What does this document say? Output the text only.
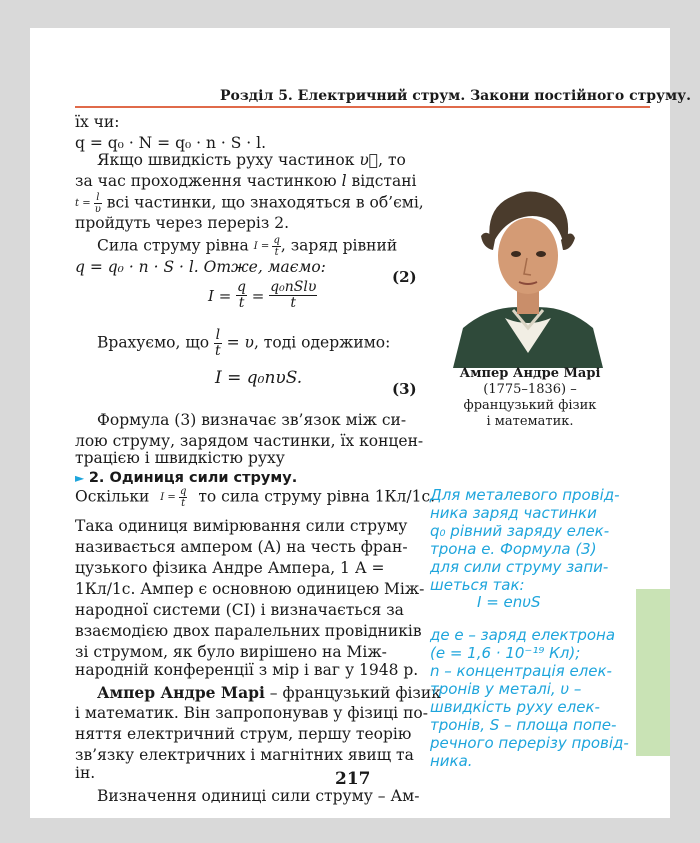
Розділ 5. Електричний струм. Закони постійного струму.
їх чи:
q = q₀ · N = q₀ · n · S · l.
Якщо швидкість руху частинок υ⃗, то
за час проходження частинкою l відстані
$t = \frac{l}{\upsilon}$ всі частинки, що знаходяться в об’ємі,
пройдуть через переріз 2.
Сила струму рівна $I = \frac{q}{t}$ , заряд рівний
q = q₀ · n · S · l. Отже, маємо:
$I = \frac{q}{t} = \frac{\text{q₀nSlυ}}{t}$
(2)
Врахуємо, що $\frac{l}{t} = \upsilon$, тоді одержимо:
I = q₀nυS.
(3)
Формула (3) визначає зв’язок між си-
лою струму, зарядом частинки, їх концен-
трацією і швидкістю руху
► 2. Одиниця сили струму.
Оскільки $I = \frac{q}{t}$ то сила струму рівна 1Кл/1с.
Така одиниця вимірювання сили струму
називається ампером (А) на честь фран-
цузького фізика Андре Ампера, 1 А =
1Кл/1с. Ампер є основною одиницею Між-
народної системи (СІ) і визначається за
взаємодією двох паралельних провідників
зі струмом, як було вирішено на Між-
народній конференції з мір і ваг у 1948 р.
Ампер Андре Марі – французький фізик
і математик. Він запропонував у фізиці по-
няття електричний струм, першу теорію
зв’язку електричних і магнітних явищ та
ін.
Визначення одиниці сили струму – Ам-
Ампер Андре Марі
(1775–1836) –
французький фізик
і математик.
Для металевого провід-
ника заряд частинки
q₀ рівний заряду елек-
трона е. Формула (3)
для сили струму запи-
шеться так:
I = enυS
де е – заряд електрона
(е = 1,6 · 10⁻¹⁹ Кл);
n – концентрація елек-
тронів у металі, υ –
швидкість руху елек-
тронів, S – площа попе-
речного перерізу провід-
ника.
217
